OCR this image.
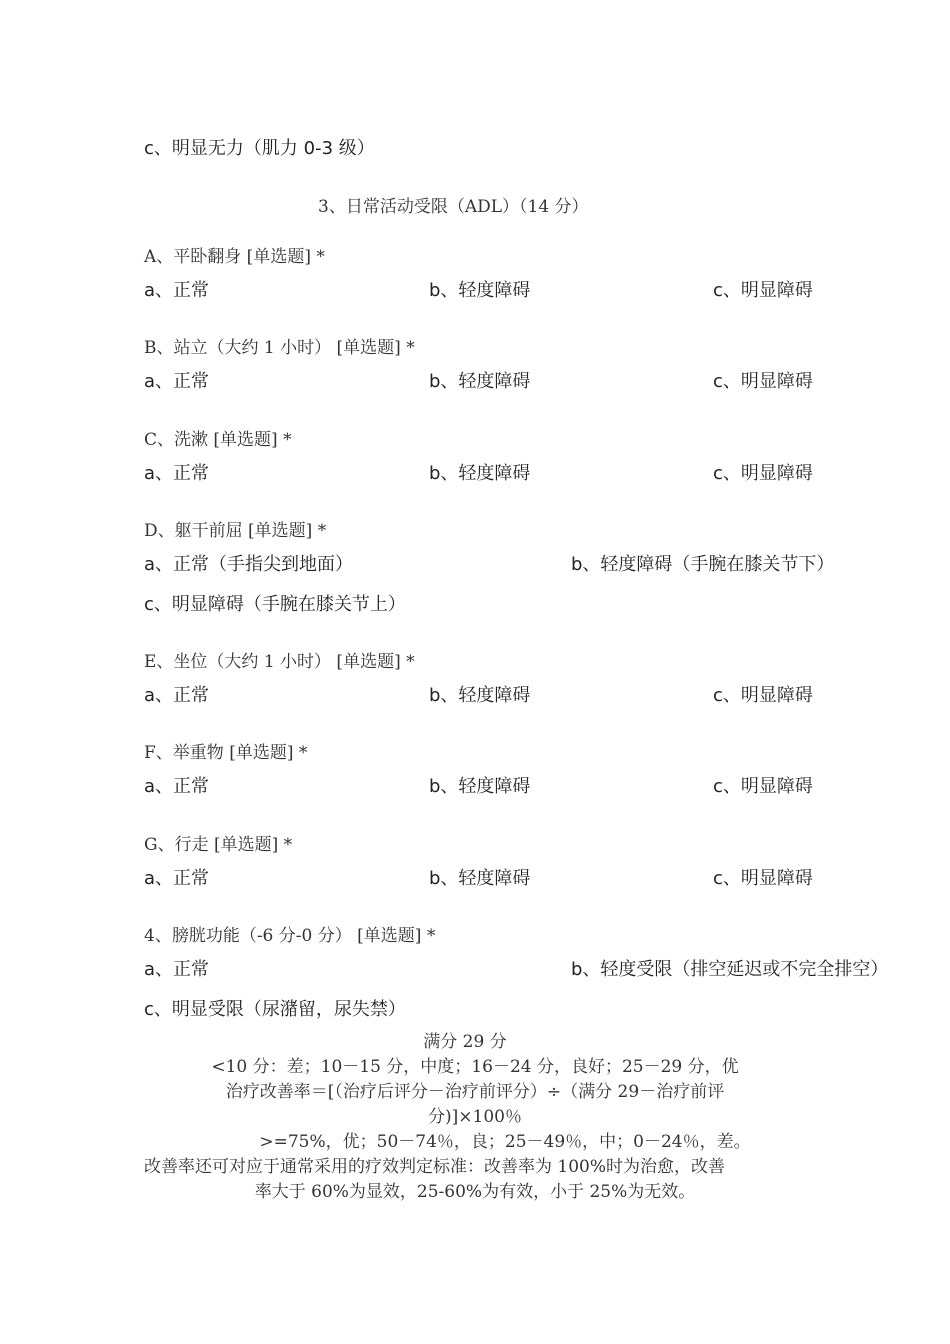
c、明显无力（肌力 0-3 级）
3、日常活动受限（ADL）（14 分）
A、平卧翻身 [单选题] *
a、正常	b、轻度障碍	c、明显障碍
B、站立（大约 1 小时） [单选题] *
a、正常	b、轻度障碍	c、明显障碍
C、洗漱 [单选题] *
a、正常	b、轻度障碍	c、明显障碍
D、躯干前屈 [单选题] *
a、正常（手指尖到地面）	b、轻度障碍（手腕在膝关节下）
c、明显障碍（手腕在膝关节上）
E、坐位（大约 1 小时） [单选题] *
a、正常	b、轻度障碍	c、明显障碍
F、举重物 [单选题] *
a、正常	b、轻度障碍	c、明显障碍
G、行走 [单选题] *
a、正常	b、轻度障碍	c、明显障碍
4、膀胱功能（-6 分-0 分） [单选题] *
a、正常	b、轻度受限（排空延迟或不完全排空）
c、明显受限（尿潴留，尿失禁）
满分 29 分
<10 分：差；10－15 分，中度；16－24 分，良好；25－29 分，优
治疗改善率＝[（治疗后评分－治疗前评分）÷（满分 29－治疗前评
分)]×100％
>=75%，优；50－74％，良；25－49％，中；0－24％，差。
改善率还可对应于通常采用的疗效判定标准：改善率为 100%时为治愈，改善
率大于 60%为显效，25-60%为有效，小于 25%为无效。
